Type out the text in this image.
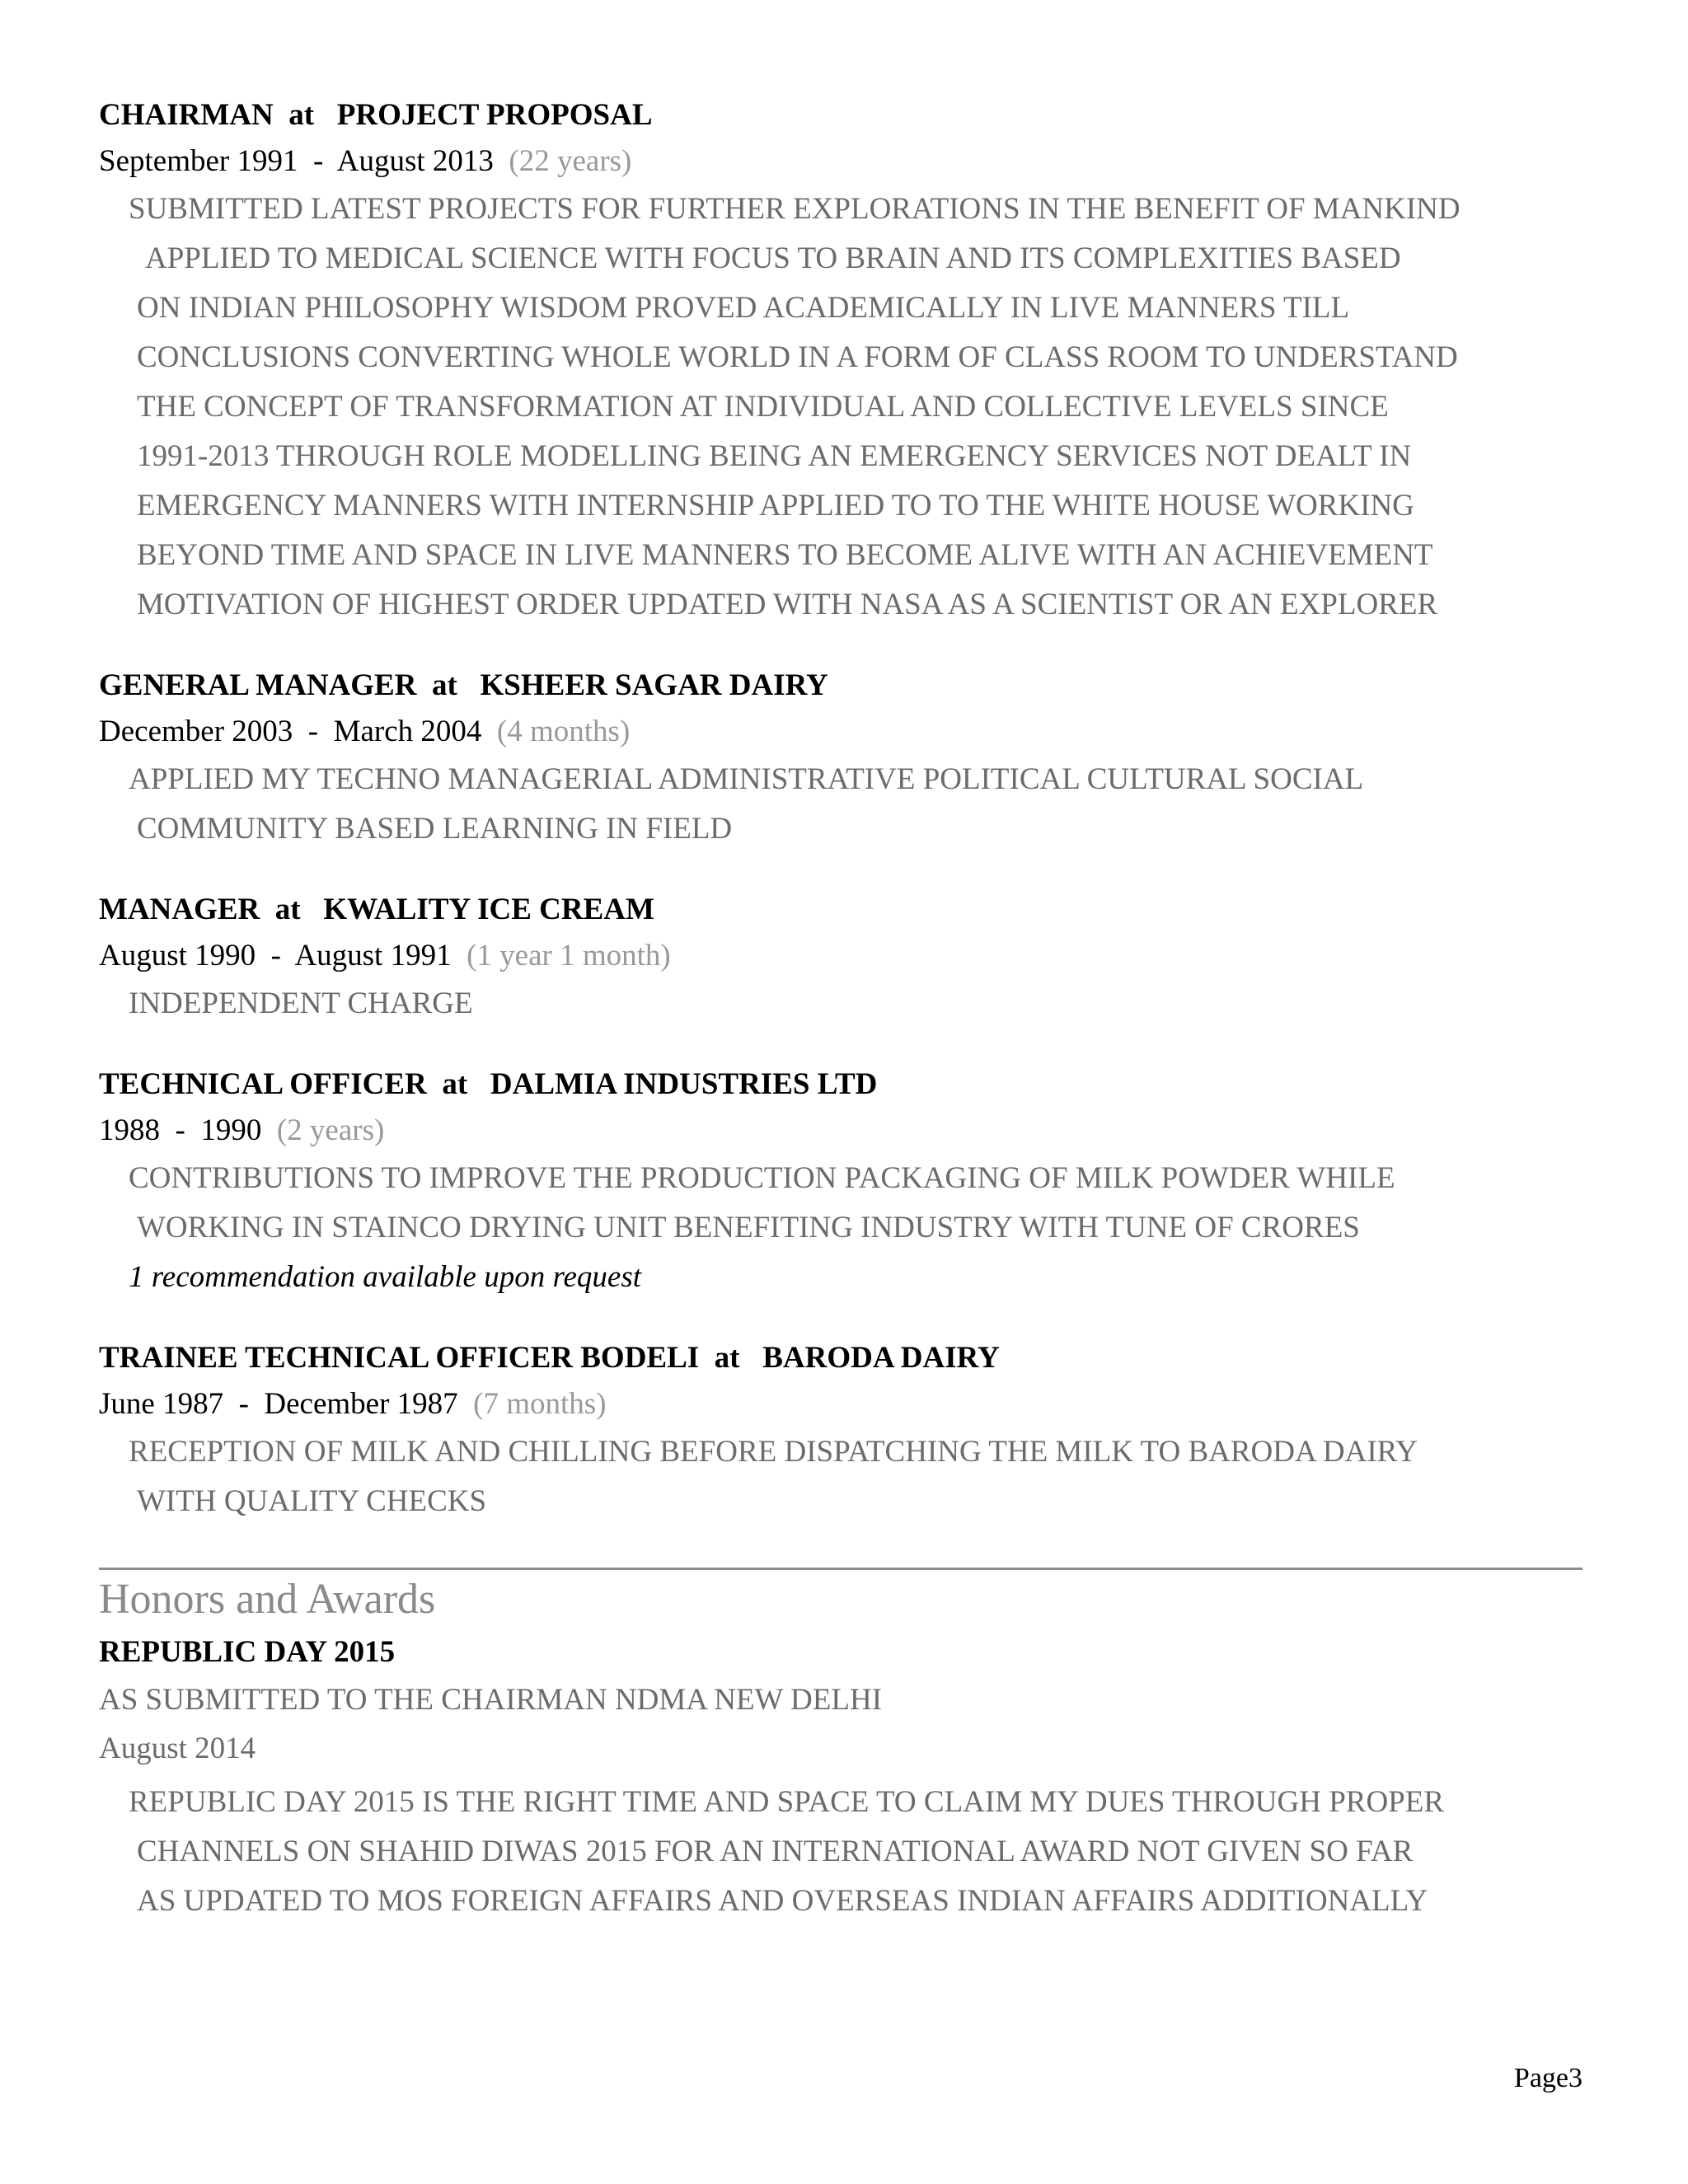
CHAIRMAN at PROJECT PROPOSAL
September 1991  -  August 2013 (22 years)
SUBMITTED LATEST PROJECTS FOR FURTHER EXPLORATIONS IN THE BENEFIT OF MANKIND
APPLIED TO MEDICAL SCIENCE WITH FOCUS TO BRAIN AND ITS COMPLEXITIES BASED
ON INDIAN PHILOSOPHY WISDOM PROVED ACADEMICALLY IN LIVE MANNERS TILL
CONCLUSIONS CONVERTING WHOLE WORLD IN A FORM OF CLASS ROOM TO UNDERSTAND
THE CONCEPT OF TRANSFORMATION AT INDIVIDUAL AND COLLECTIVE LEVELS SINCE
1991-2013 THROUGH ROLE MODELLING BEING AN EMERGENCY SERVICES NOT DEALT IN
EMERGENCY MANNERS WITH INTERNSHIP APPLIED TO TO THE WHITE HOUSE WORKING
BEYOND TIME AND SPACE IN LIVE MANNERS TO BECOME ALIVE WITH AN ACHIEVEMENT
MOTIVATION OF HIGHEST ORDER UPDATED WITH NASA AS A SCIENTIST OR AN EXPLORER
GENERAL MANAGER at KSHEER SAGAR DAIRY
December 2003  -  March 2004 (4 months)
APPLIED MY TECHNO MANAGERIAL ADMINISTRATIVE POLITICAL CULTURAL SOCIAL
COMMUNITY BASED LEARNING IN FIELD
MANAGER at KWALITY ICE CREAM
August 1990  -  August 1991 (1 year 1 month)
INDEPENDENT CHARGE
TECHNICAL OFFICER at DALMIA INDUSTRIES LTD
1988  -  1990 (2 years)
CONTRIBUTIONS TO IMPROVE THE PRODUCTION PACKAGING OF MILK POWDER WHILE
WORKING IN STAINCO DRYING UNIT BENEFITING INDUSTRY WITH TUNE OF CRORES
1 recommendation available upon request
TRAINEE TECHNICAL OFFICER BODELI at BARODA DAIRY
June 1987  -  December 1987 (7 months)
RECEPTION OF MILK AND CHILLING BEFORE DISPATCHING THE MILK TO BARODA DAIRY
WITH QUALITY CHECKS
Honors and Awards
REPUBLIC DAY 2015
AS SUBMITTED TO THE CHAIRMAN NDMA NEW DELHI
August 2014
REPUBLIC DAY 2015 IS THE RIGHT TIME AND SPACE TO CLAIM MY DUES THROUGH PROPER
CHANNELS ON SHAHID DIWAS 2015 FOR AN INTERNATIONAL AWARD NOT GIVEN SO FAR
AS UPDATED TO MOS FOREIGN AFFAIRS AND OVERSEAS INDIAN AFFAIRS ADDITIONALLY
Page3
